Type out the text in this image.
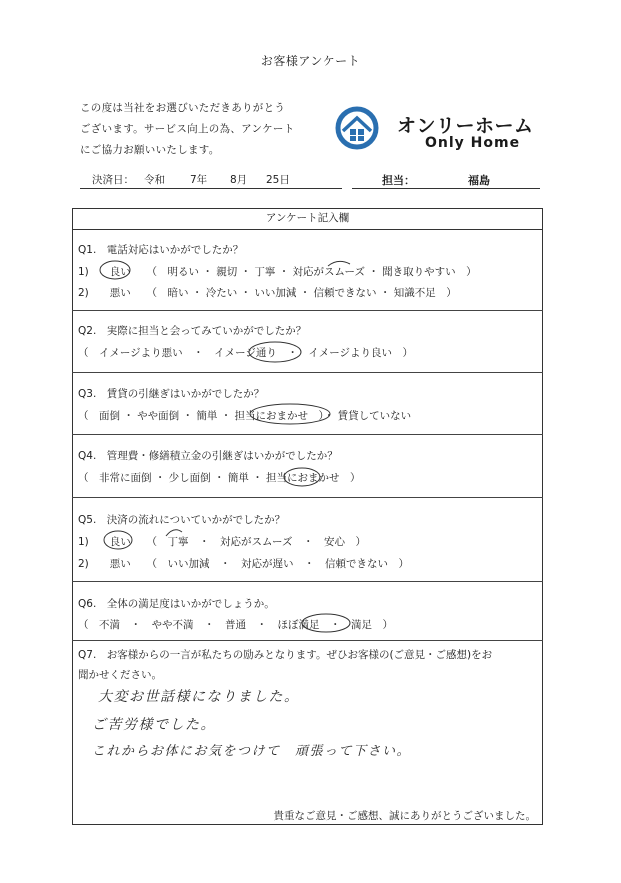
お客様アンケート
この度は当社をお選びいただきありがとう
ございます。サービス向上の為、アンケート
にご協力お願いいたします。
オンリーホーム
Only Home
決済日： 令和 7年 8月 25日	担当：	福島
アンケート記入欄
Q1.　電話対応はいかがでしたか？
1)　　良い　　（　明るい ・ 親切 ・ 丁寧 ・ 対応がスムーズ ・ 聞き取りやすい　）
2)　　悪い　　（　暗い ・ 冷たい ・ いい加減 ・ 信頼できない ・ 知識不足　）
Q2.　実際に担当と会ってみていかがでしたか？
（　イメージより悪い　・　イメージ通り　・　イメージより良い　）
Q3.　賃貸の引継ぎはいかがでしたか？
（　面倒 ・ やや面倒 ・ 簡単 ・ 担当におまかせ　）・ 賃貸していない
Q4.　管理費・修繕積立金の引継ぎはいかがでしたか？
（　非常に面倒 ・ 少し面倒 ・ 簡単 ・ 担当におまかせ　）
Q5.　決済の流れについていかがでしたか？
1)　　良い　　（　丁寧　・　対応がスムーズ　・　安心　）
2)　　悪い　　（　いい加減　・　対応が遅い　・　信頼できない　）
Q6.　全体の満足度はいかがでしょうか。
（　不満　・　やや不満　・　普通　・　ほぼ満足　・　満足　）
Q7.　お客様からの一言が私たちの励みとなります。ぜひお客様の(ご意見・ご感想)をお
聞かせください。
大変お世話様になりました。
ご苦労様でした。
これからお体にお気をつけて　頑張って下さい。
貴重なご意見・ご感想、誠にありがとうございました。
